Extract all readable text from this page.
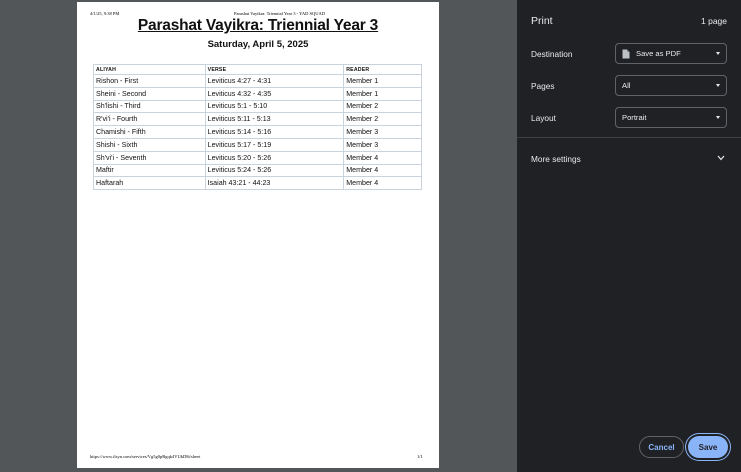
4/1/25, 9:38 PM	Parashat Vayikra: Triennial Year 3 - YAD SQUAD
Parashat Vayikra: Triennial Year 3
Saturday, April 5, 2025
ALIYAH	VERSE	READER
Rishon - First	Leviticus 4:27 - 4:31	Member 1
Sheini - Second	Leviticus 4:32 - 4:35	Member 1
Sh'lishi - Third	Leviticus 5:1 - 5:10	Member 2
R'vi'i - Fourth	Leviticus 5:11 - 5:13	Member 2
Chamishi - Fifth	Leviticus 5:14 - 5:16	Member 3
Shishi - Sixth	Leviticus 5:17 - 5:19	Member 3
Sh'vi'i - Seventh	Leviticus 5:20 - 5:26	Member 4
Maftir	Leviticus 5:24 - 5:26	Member 4
Haftarah	Isaiah 43:21 - 44:23	Member 4
https://www.ilsyn.com/services/Vg5g0pBgqk4VUkD8t/sheet	1/1
Print	1 page
Destination	Save as PDF
Pages	All
Layout	Portrait
More settings
Cancel	Save
